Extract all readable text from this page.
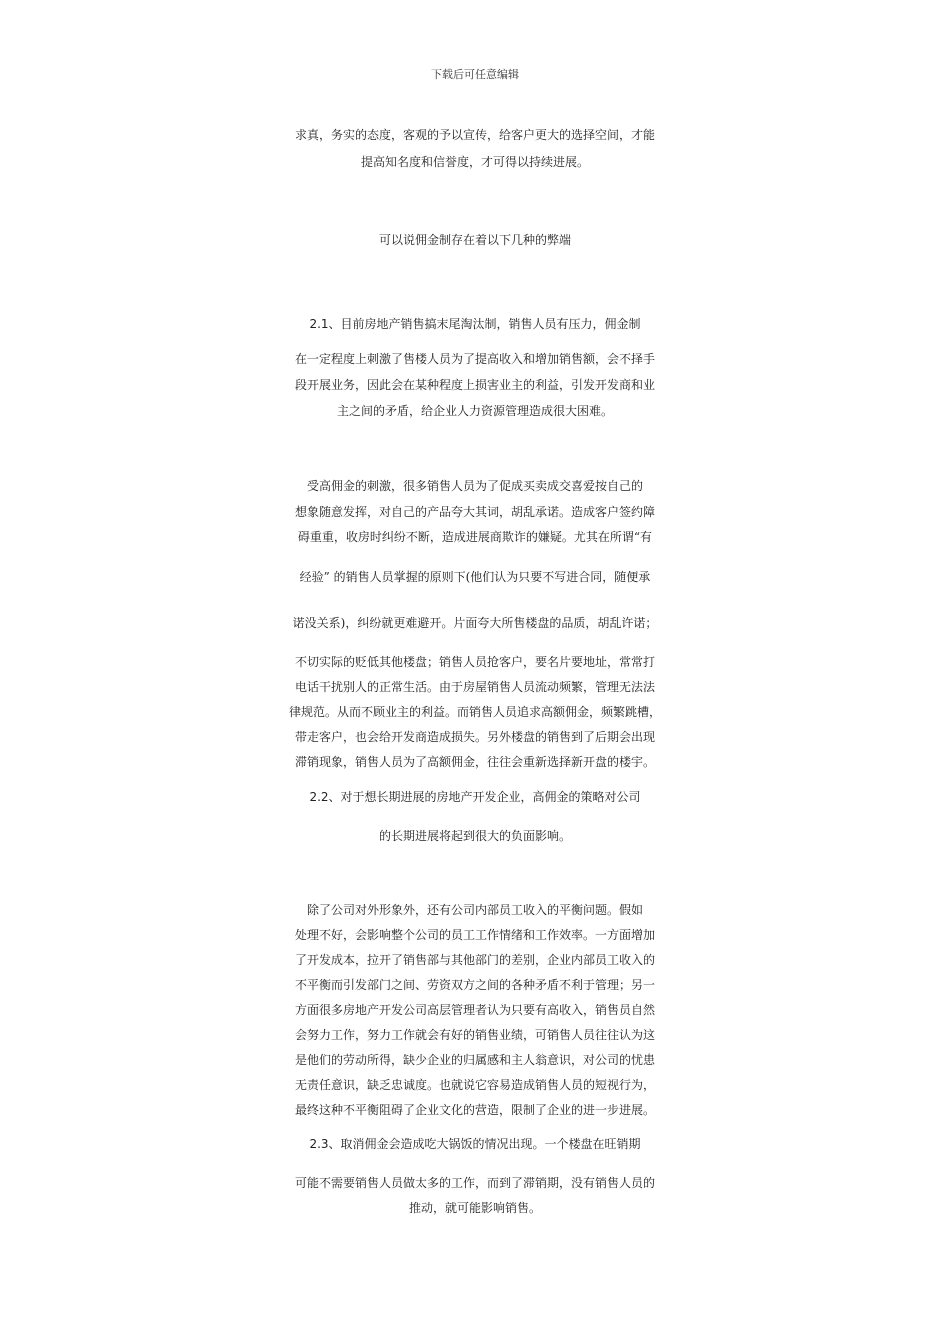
下载后可任意编辑
求真，务实的态度，客观的予以宣传，给客户更大的选择空间，才能
提高知名度和信誉度，才可得以持续进展。
可以说佣金制存在着以下几种的弊端
2.1、目前房地产销售搞末尾淘汰制，销售人员有压力，佣金制
在一定程度上刺激了售楼人员为了提高收入和增加销售额，会不择手
段开展业务，因此会在某种程度上损害业主的利益，引发开发商和业
主之间的矛盾，给企业人力资源管理造成很大困难。
受高佣金的刺激，很多销售人员为了促成买卖成交喜爱按自己的
想象随意发挥，对自己的产品夸大其词，胡乱承诺。造成客户签约障
碍重重，收房时纠纷不断，造成进展商欺诈的嫌疑。尤其在所谓“有
经验” 的销售人员掌握的原则下(他们认为只要不写进合同，随便承
诺没关系)，纠纷就更难避开。片面夸大所售楼盘的品质，胡乱许诺；
不切实际的贬低其他楼盘；销售人员抢客户，要名片要地址，常常打
电话干扰别人的正常生活。由于房屋销售人员流动频繁，管理无法法
律规范。从而不顾业主的利益。而销售人员追求高额佣金，频繁跳槽，
带走客户，也会给开发商造成损失。另外楼盘的销售到了后期会出现
滞销现象，销售人员为了高额佣金，往往会重新选择新开盘的楼宇。
2.2、对于想长期进展的房地产开发企业，高佣金的策略对公司
的长期进展将起到很大的负面影响。
除了公司对外形象外，还有公司内部员工收入的平衡问题。假如
处理不好，会影响整个公司的员工工作情绪和工作效率。一方面增加
了开发成本，拉开了销售部与其他部门的差别，企业内部员工收入的
不平衡而引发部门之间、劳资双方之间的各种矛盾不利于管理；另一
方面很多房地产开发公司高层管理者认为只要有高收入，销售员自然
会努力工作，努力工作就会有好的销售业绩，可销售人员往往认为这
是他们的劳动所得，缺少企业的归属感和主人翁意识，对公司的忧患
无责任意识，缺乏忠诚度。也就说它容易造成销售人员的短视行为，
最终这种不平衡阻碍了企业文化的营造，限制了企业的进一步进展。
2.3、取消佣金会造成吃大锅饭的情况出现。一个楼盘在旺销期
可能不需要销售人员做太多的工作，而到了滞销期，没有销售人员的
推动，就可能影响销售。
